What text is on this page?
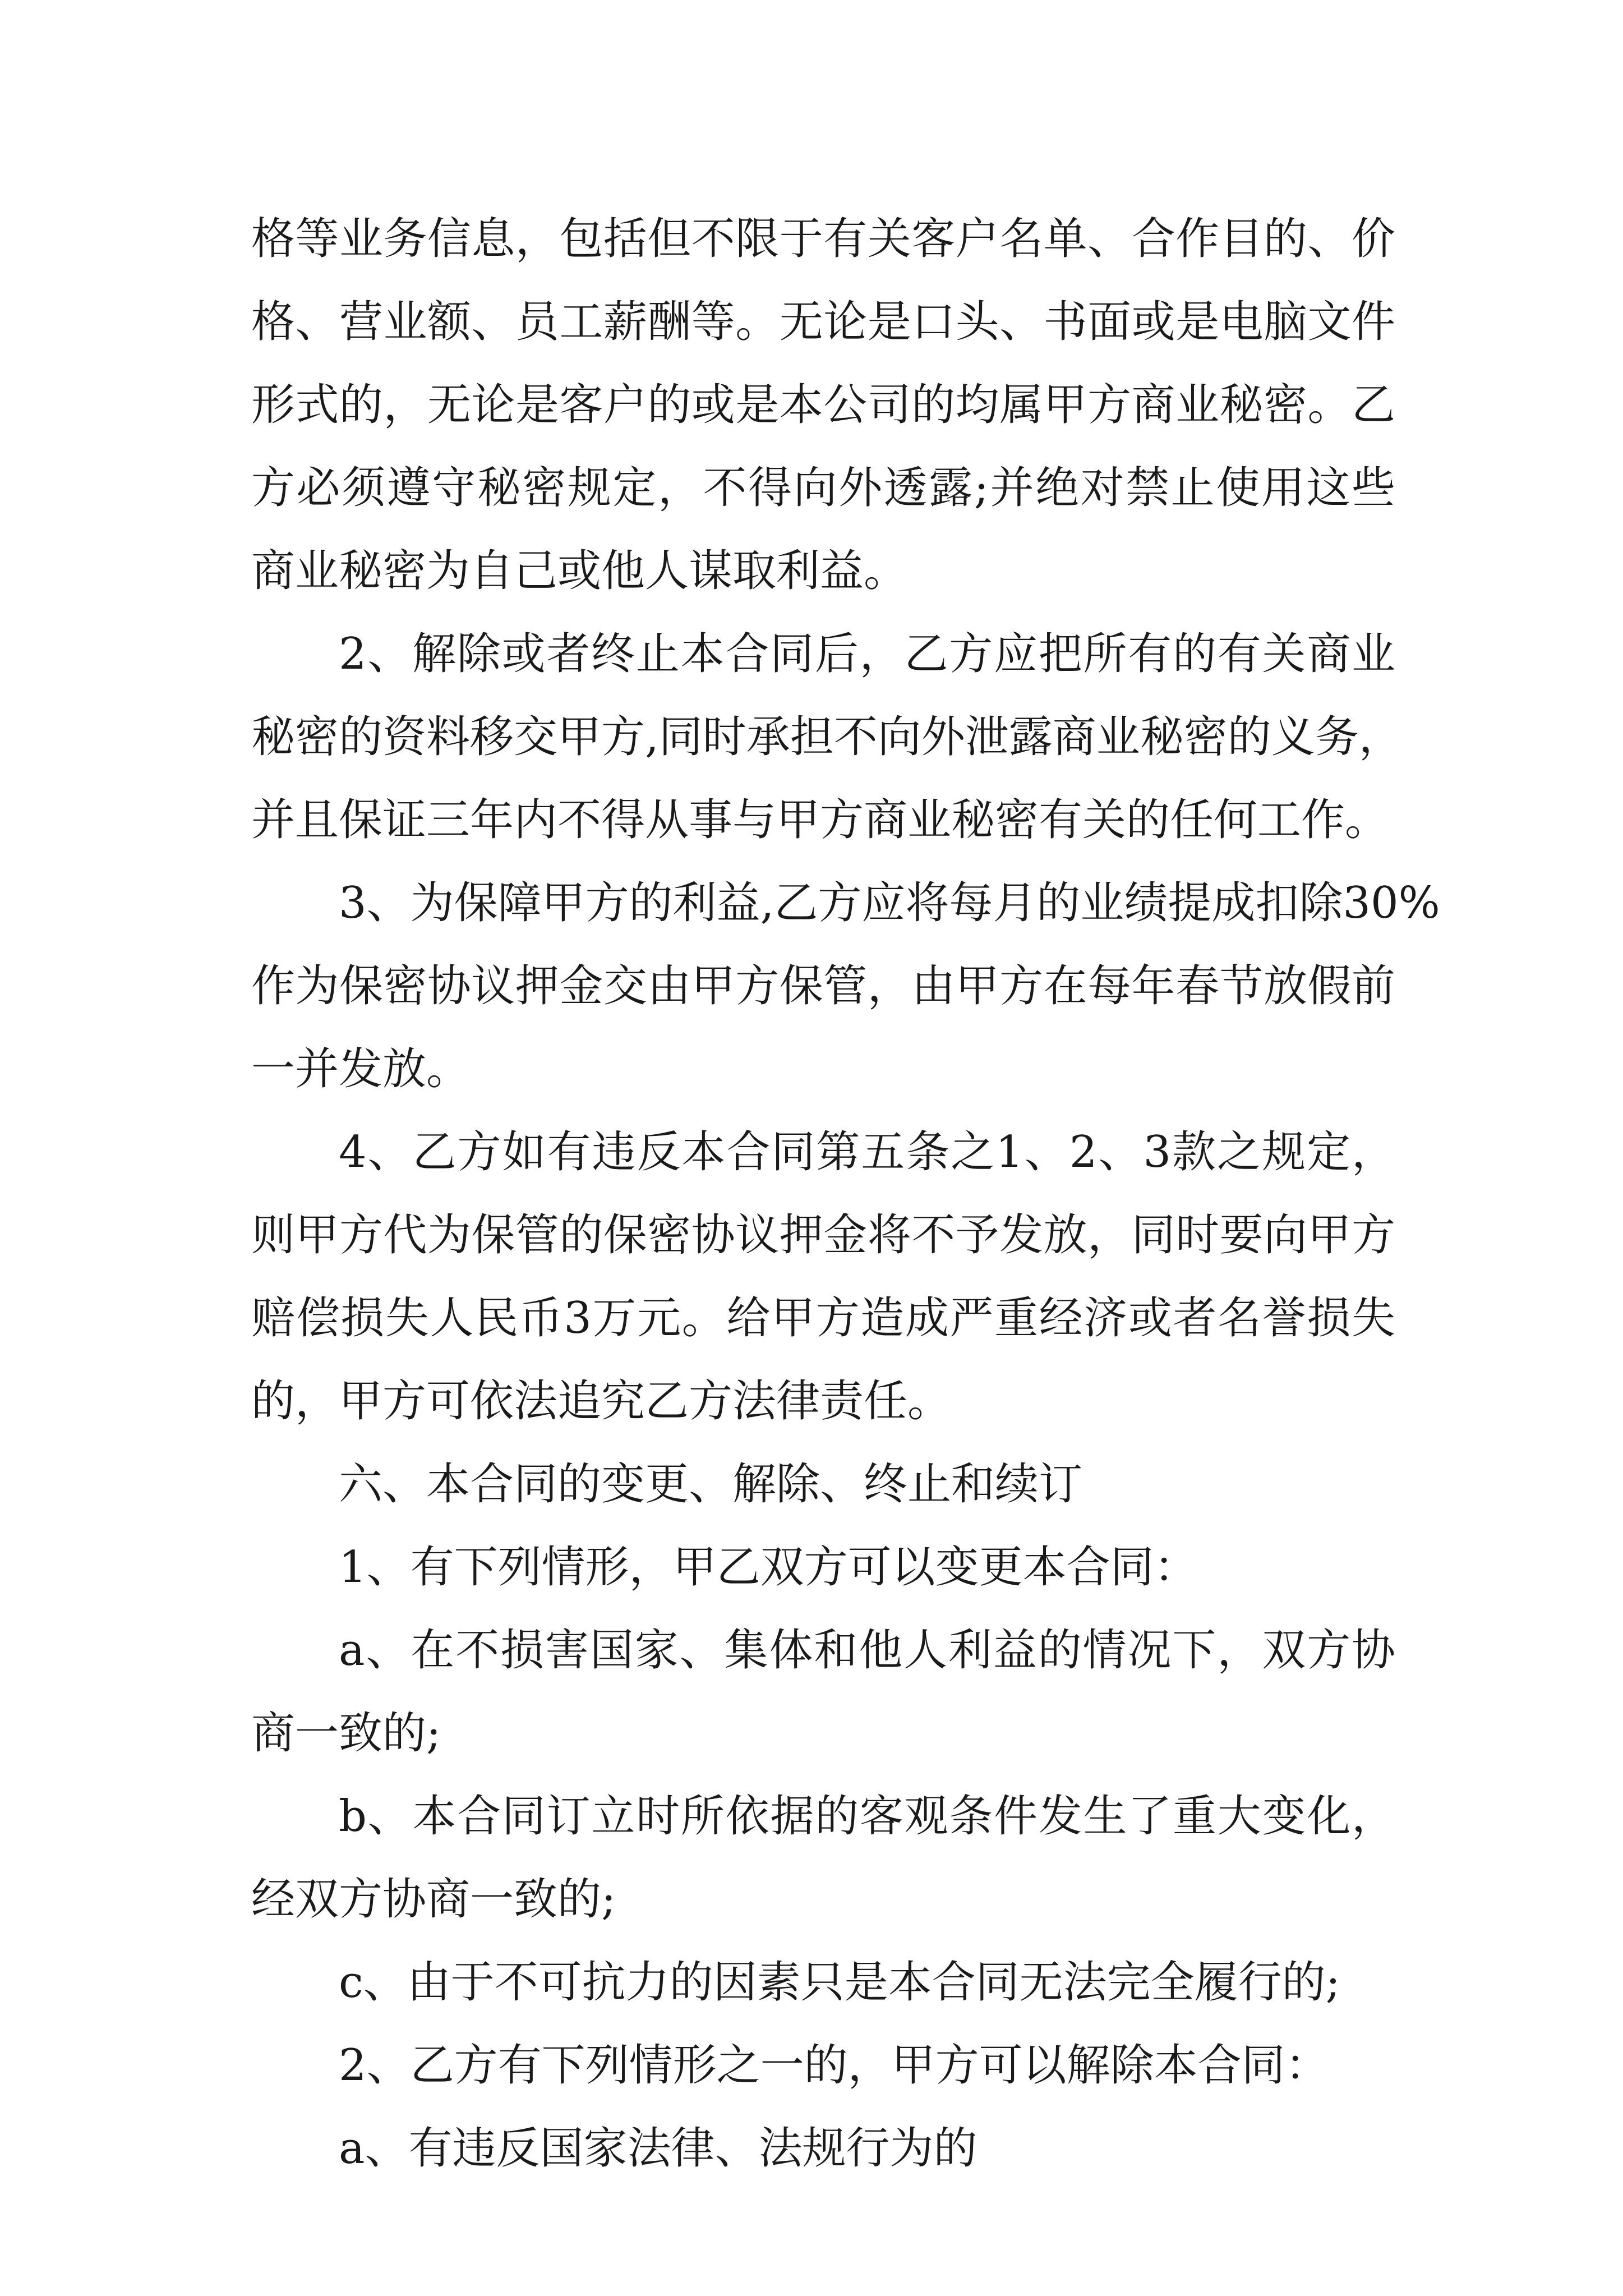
格等业务信息，包括但不限于有关客户名单、合作目的、价
格、营业额、员工薪酬等。无论是口头、书面或是电脑文件
形式的，无论是客户的或是本公司的均属甲方商业秘密。乙
方必须遵守秘密规定，不得向外透露;并绝对禁止使用这些
商业秘密为自己或他人谋取利益。
2、解除或者终止本合同后，乙方应把所有的有关商业
秘密的资料移交甲方,同时承担不向外泄露商业秘密的义务，
并且保证三年内不得从事与甲方商业秘密有关的任何工作。
3、为保障甲方的利益,乙方应将每月的业绩提成扣除30%
作为保密协议押金交由甲方保管，由甲方在每年春节放假前
一并发放。
4、乙方如有违反本合同第五条之1、2、3款之规定，
则甲方代为保管的保密协议押金将不予发放，同时要向甲方
赔偿损失人民币3万元。给甲方造成严重经济或者名誉损失
的，甲方可依法追究乙方法律责任。
六、本合同的变更、解除、终止和续订
1、有下列情形，甲乙双方可以变更本合同：
a、在不损害国家、集体和他人利益的情况下，双方协
商一致的;
b、本合同订立时所依据的客观条件发生了重大变化，
经双方协商一致的;
c、由于不可抗力的因素只是本合同无法完全履行的;
2、乙方有下列情形之一的，甲方可以解除本合同：
a、有违反国家法律、法规行为的
